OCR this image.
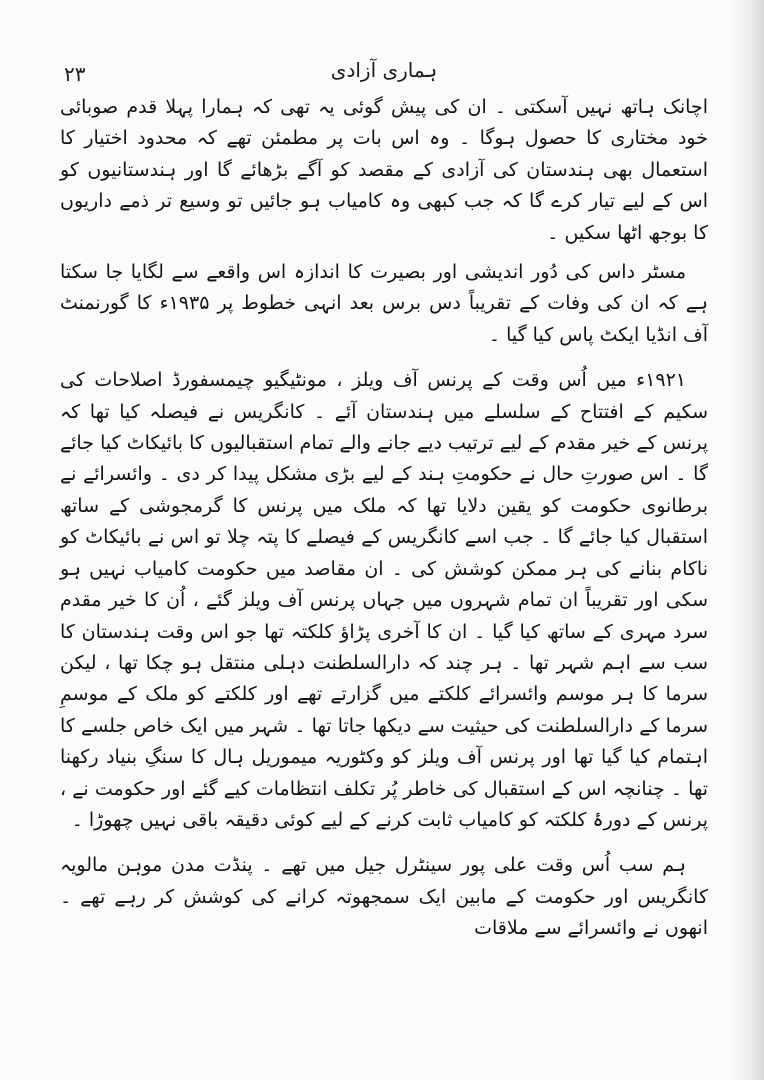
۲۳	ہماری آزادی

اچانک ہاتھ نہیں آسکتی ۔ ان کی پیش گوئی یہ تھی کہ ہمارا پہلا قدم صوبائی خود مختاری کا حصول ہوگا ۔ وہ اس بات پر مطمئن تھے کہ محدود اختیار کا استعمال بھی ہندستان کی آزادی کے مقصد کو آگے بڑھائے گا اور ہندستانیوں کو اس کے لیے تیار کرے گا کہ جب کبھی وہ کامیاب ہو جائیں تو وسیع تر ذمے داریوں کا بوجھ اٹھا سکیں ۔

مسٹر داس کی دُور اندیشی اور بصیرت کا اندازہ اس واقعے سے لگایا جا سکتا ہے کہ ان کی وفات کے تقریباً دس برس بعد انہی خطوط پر ۱۹۳۵ء کا گورنمنٹ آف انڈیا ایکٹ پاس کیا گیا ۔

۱۹۲۱ء میں اُس وقت کے پرنس آف ویلز ، مونٹیگیو چیمسفورڈ اصلاحات کی سکیم کے افتتاح کے سلسلے میں ہندستان آئے ۔ کانگریس نے فیصلہ کیا تھا کہ پرنس کے خیر مقدم کے لیے ترتیب دیے جانے والے تمام استقبالیوں کا بائیکاٹ کیا جائے گا ۔ اس صورتِ حال نے حکومتِ ہند کے لیے بڑی مشکل پیدا کر دی ۔ وائسرائے نے برطانوی حکومت کو یقین دلایا تھا کہ ملک میں پرنس کا گرمجوشی کے ساتھ استقبال کیا جائے گا ۔ جب اسے کانگریس کے فیصلے کا پتہ چلا تو اس نے بائیکاٹ کو ناکام بنانے کی ہر ممکن کوشش کی ۔ ان مقاصد میں حکومت کامیاب نہیں ہو سکی اور تقریباً ان تمام شہروں میں جہاں پرنس آف ویلز گئے ، اُن کا خیر مقدم سرد مہری کے ساتھ کیا گیا ۔ ان کا آخری پڑاؤ کلکتہ تھا جو اس وقت ہندستان کا سب سے اہم شہر تھا ۔ ہر چند کہ دارالسلطنت دہلی منتقل ہو چکا تھا ، لیکن سرما کا ہر موسم وائسرائے کلکتے میں گزارتے تھے اور کلکتے کو ملک کے موسمِ سرما کے دارالسلطنت کی حیثیت سے دیکھا جاتا تھا ۔ شہر میں ایک خاص جلسے کا اہتمام کیا گیا تھا اور پرنس آف ویلز کو وکٹوریہ میموریل ہال کا سنگِ بنیاد رکھنا تھا ۔ چنانچہ اس کے استقبال کی خاطر پُر تکلف انتظامات کیے گئے اور حکومت نے ، پرنس کے دورۂ کلکتہ کو کامیاب ثابت کرنے کے لیے کوئی دقیقہ باقی نہیں چھوڑا ۔

ہم سب اُس وقت علی پور سینٹرل جیل میں تھے ۔ پنڈت مدن موہن مالویہ کانگریس اور حکومت کے مابین ایک سمجھوتہ کرانے کی کوشش کر رہے تھے ۔ انھوں نے وائسرائے سے ملاقات
